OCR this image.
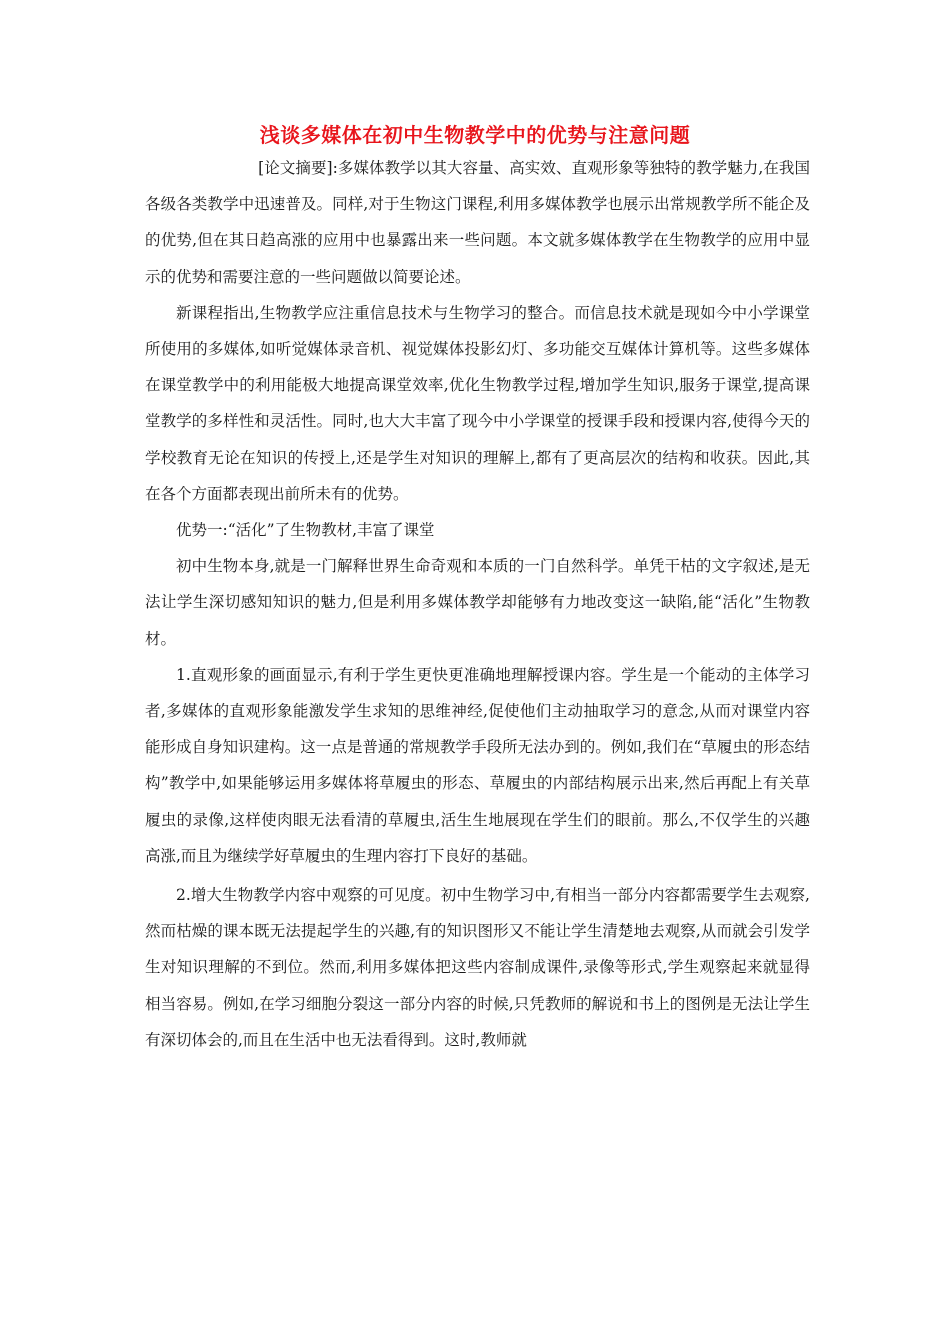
浅谈多媒体在初中生物教学中的优势与注意问题

[论文摘要]:多媒体教学以其大容量、高实效、直观形象等独特的教学魅力,在我国各级各类教学中迅速普及。同样,对于生物这门课程,利用多媒体教学也展示出常规教学所不能企及的优势,但在其日趋高涨的应用中也暴露出来一些问题。本文就多媒体教学在生物教学的应用中显示的优势和需要注意的一些问题做以简要论述。

新课程指出,生物教学应注重信息技术与生物学习的整合。而信息技术就是现如今中小学课堂所使用的多媒体,如听觉媒体录音机、视觉媒体投影幻灯、多功能交互媒体计算机等。这些多媒体在课堂教学中的利用能极大地提高课堂效率,优化生物教学过程,增加学生知识,服务于课堂,提高课堂教学的多样性和灵活性。同时,也大大丰富了现今中小学课堂的授课手段和授课内容,使得今天的学校教育无论在知识的传授上,还是学生对知识的理解上,都有了更高层次的结构和收获。因此,其在各个方面都表现出前所未有的优势。

优势一:“活化”了生物教材,丰富了课堂

初中生物本身,就是一门解释世界生命奇观和本质的一门自然科学。单凭干枯的文字叙述,是无法让学生深切感知知识的魅力,但是利用多媒体教学却能够有力地改变这一缺陷,能“活化”生物教材。

1.直观形象的画面显示,有利于学生更快更准确地理解授课内容。学生是一个能动的主体学习者,多媒体的直观形象能激发学生求知的思维神经,促使他们主动抽取学习的意念,从而对课堂内容能形成自身知识建构。这一点是普通的常规教学手段所无法办到的。例如,我们在“草履虫的形态结构”教学中,如果能够运用多媒体将草履虫的形态、草履虫的内部结构展示出来,然后再配上有关草履虫的录像,这样使肉眼无法看清的草履虫,活生生地展现在学生们的眼前。那么,不仅学生的兴趣高涨,而且为继续学好草履虫的生理内容打下良好的基础。

2.增大生物教学内容中观察的可见度。初中生物学习中,有相当一部分内容都需要学生去观察,然而枯燥的课本既无法提起学生的兴趣,有的知识图形又不能让学生清楚地去观察,从而就会引发学生对知识理解的不到位。然而,利用多媒体把这些内容制成课件,录像等形式,学生观察起来就显得相当容易。例如,在学习细胞分裂这一部分内容的时候,只凭教师的解说和书上的图例是无法让学生有深切体会的,而且在生活中也无法看得到。这时,教师就
